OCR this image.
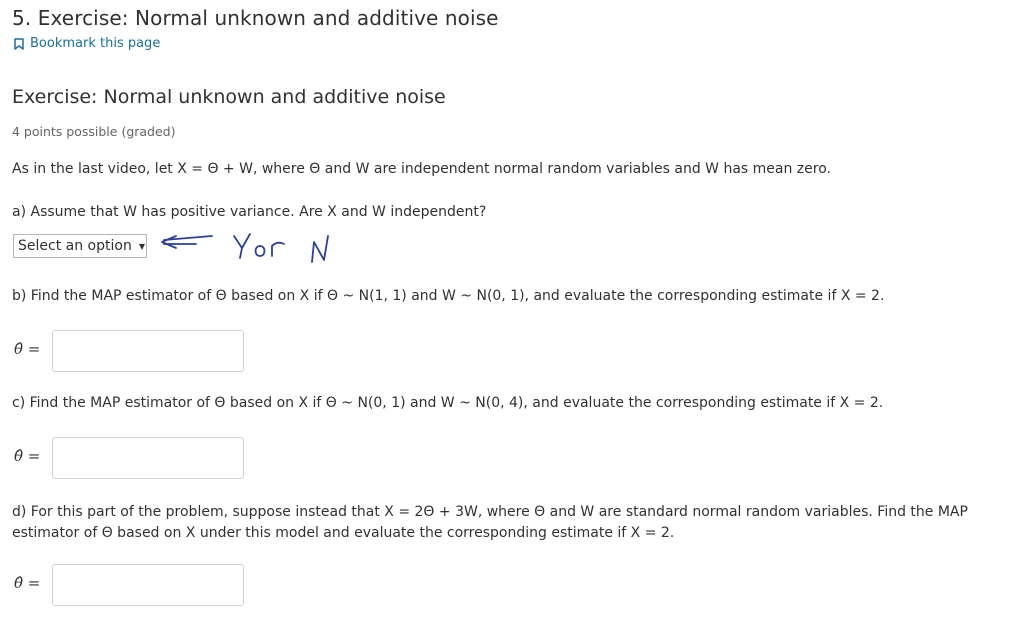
5. Exercise: Normal unknown and additive noise
Bookmark this page
Exercise: Normal unknown and additive noise
4 points possible (graded)
As in the last video, let X = Θ + W, where Θ and W are independent normal random variables and W has mean zero.
a) Assume that W has positive variance. Are X and W independent?
Select an option ▼
b) Find the MAP estimator of Θ based on X if Θ ~ N(1, 1) and W ~ N(0, 1), and evaluate the corresponding estimate if X = 2.
θ̂ =
c) Find the MAP estimator of Θ based on X if Θ ~ N(0, 1) and W ~ N(0, 4), and evaluate the corresponding estimate if X = 2.
θ̂ =
d) For this part of the problem, suppose instead that X = 2Θ + 3W, where Θ and W are standard normal random variables. Find the MAP estimator of Θ based on X under this model and evaluate the corresponding estimate if X = 2.
θ̂ =
